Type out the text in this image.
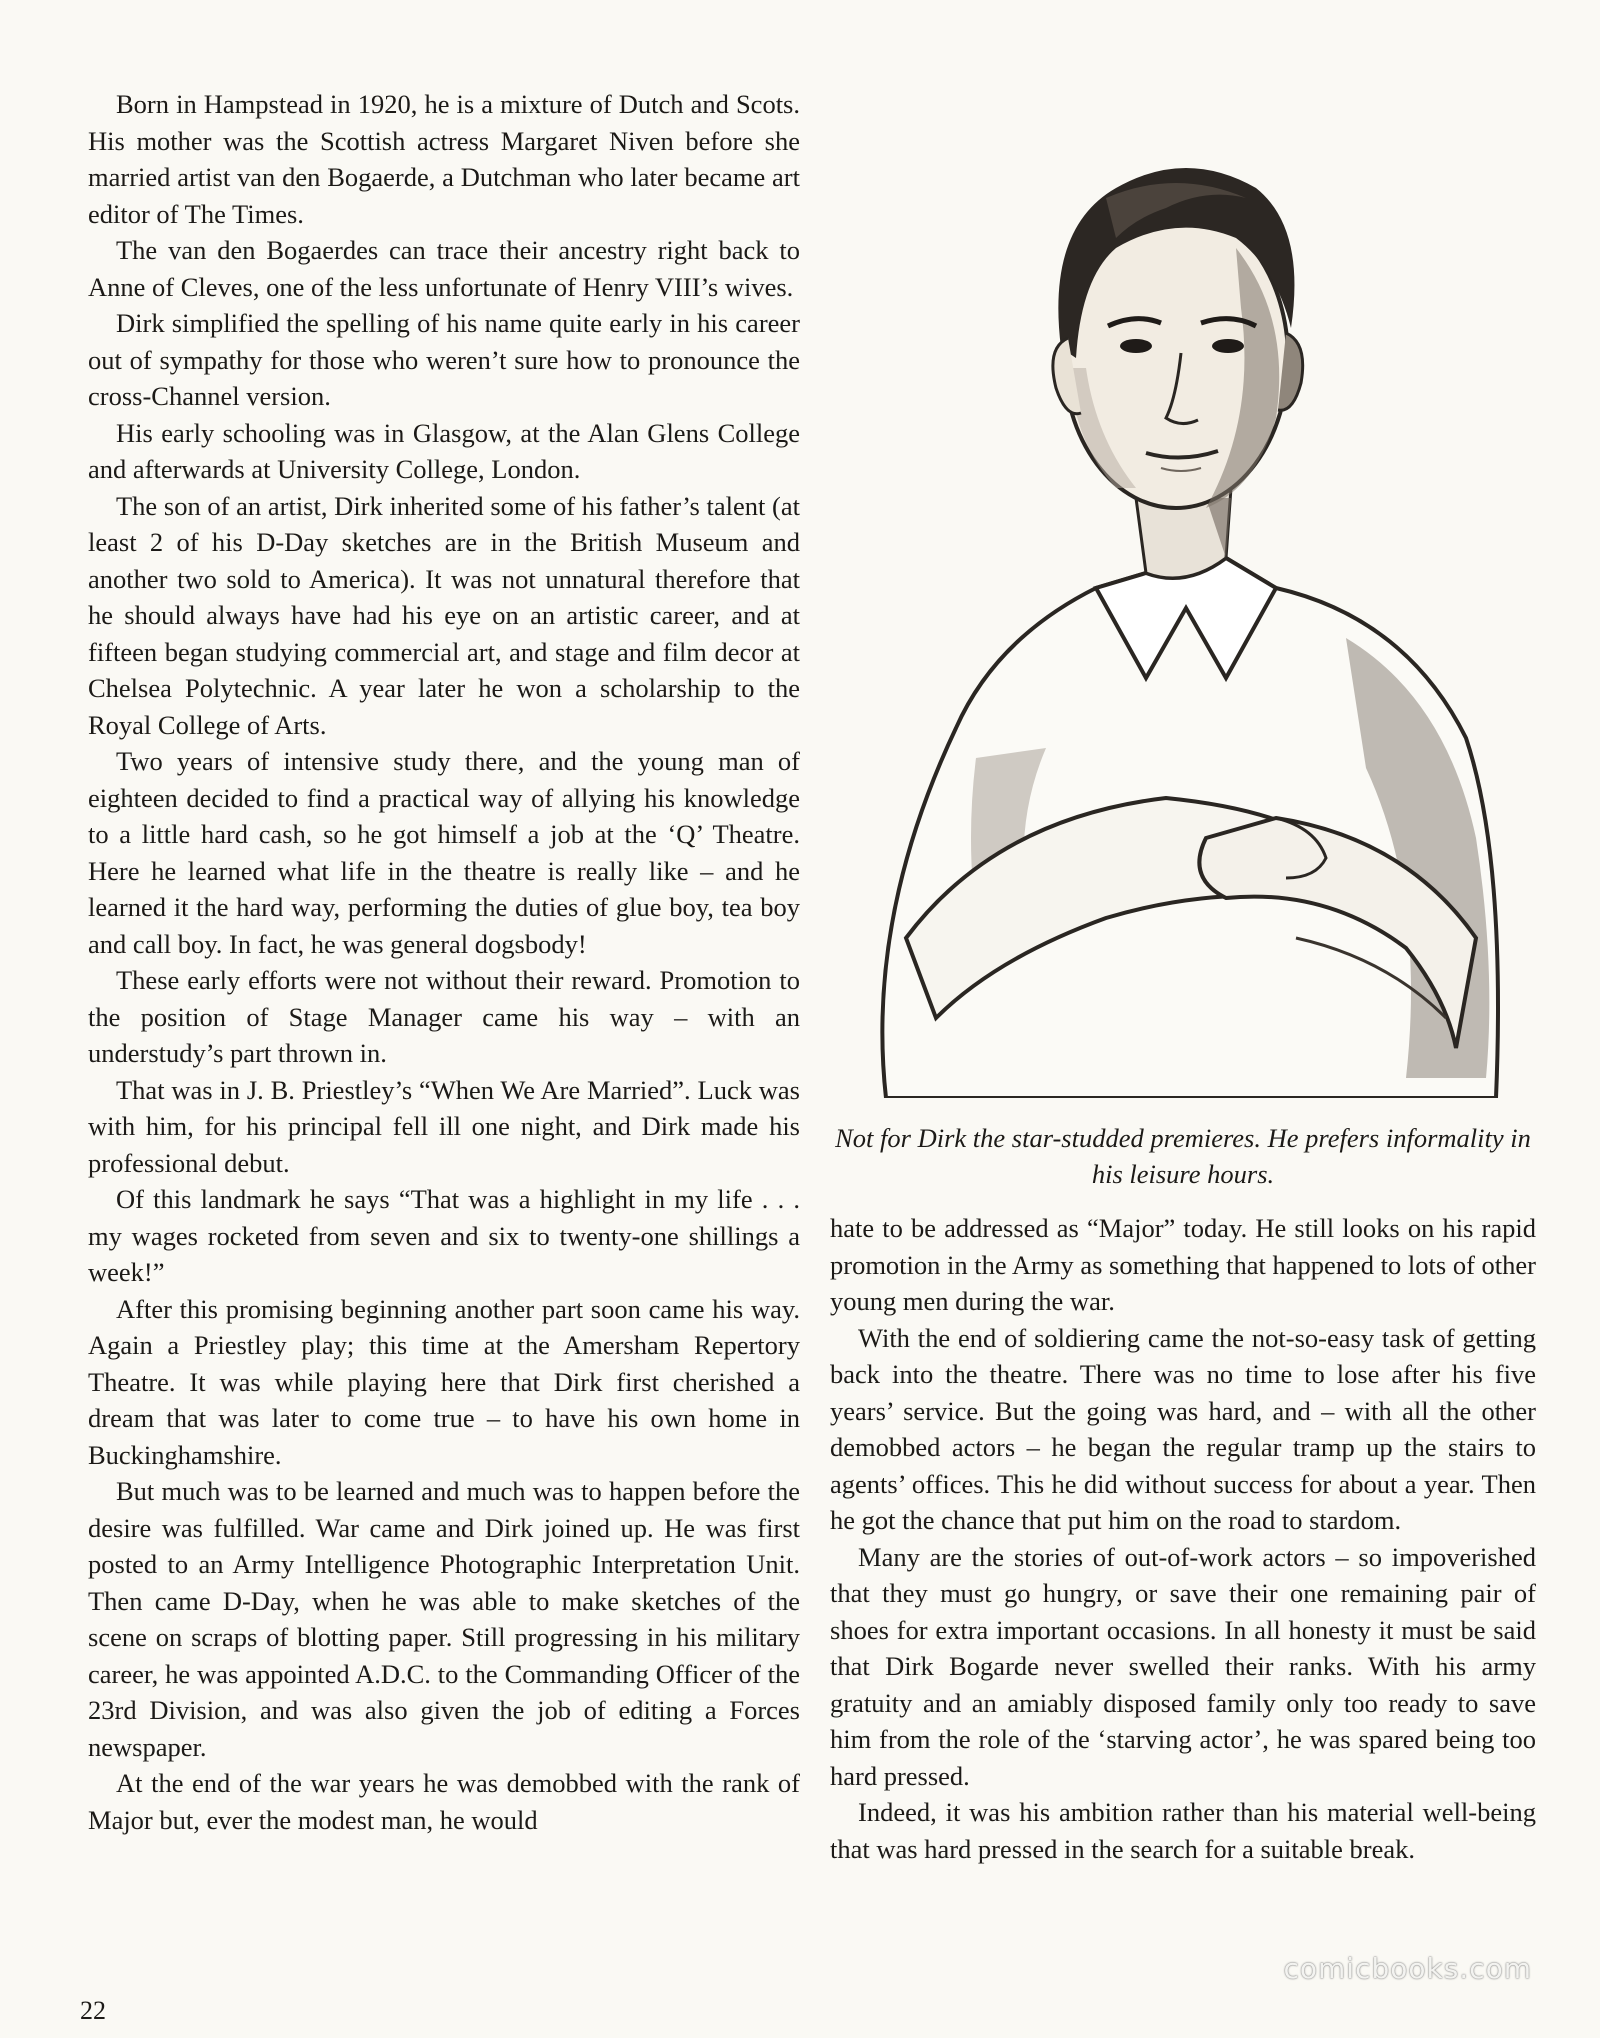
Born in Hampstead in 1920, he is a mixture of Dutch and Scots. His mother was the Scottish actress Margaret Niven before she married artist van den Bogaerde, a Dutchman who later became art editor of The Times.

The van den Bogaerdes can trace their ancestry right back to Anne of Cleves, one of the less unfortunate of Henry VIII’s wives.

Dirk simplified the spelling of his name quite early in his career out of sympathy for those who weren’t sure how to pronounce the cross-Channel version.

His early schooling was in Glasgow, at the Alan Glens College and afterwards at University College, London.

The son of an artist, Dirk inherited some of his father’s talent (at least 2 of his D-Day sketches are in the British Museum and another two sold to America). It was not unnatural therefore that he should always have had his eye on an artistic career, and at fifteen began studying commercial art, and stage and film decor at Chelsea Polytechnic. A year later he won a scholarship to the Royal College of Arts.

Two years of intensive study there, and the young man of eighteen decided to find a practical way of allying his knowledge to a little hard cash, so he got himself a job at the ‘Q’ Theatre. Here he learned what life in the theatre is really like – and he learned it the hard way, performing the duties of glue boy, tea boy and call boy. In fact, he was general dogsbody!

These early efforts were not without their reward. Promotion to the position of Stage Manager came his way – with an understudy’s part thrown in.

That was in J. B. Priestley’s “When We Are Married”. Luck was with him, for his principal fell ill one night, and Dirk made his professional debut.

Of this landmark he says “That was a highlight in my life . . . my wages rocketed from seven and six to twenty-one shillings a week!”

After this promising beginning another part soon came his way. Again a Priestley play; this time at the Amersham Repertory Theatre. It was while playing here that Dirk first cherished a dream that was later to come true – to have his own home in Buckinghamshire.

But much was to be learned and much was to happen before the desire was fulfilled. War came and Dirk joined up. He was first posted to an Army Intelligence Photographic Interpretation Unit. Then came D-Day, when he was able to make sketches of the scene on scraps of blotting paper. Still progressing in his military career, he was appointed A.D.C. to the Commanding Officer of the 23rd Division, and was also given the job of editing a Forces newspaper.

At the end of the war years he was demobbed with the rank of Major but, ever the modest man, he would

Not for Dirk the star-studded premieres. He prefers informality in his leisure hours.

hate to be addressed as “Major” today. He still looks on his rapid promotion in the Army as something that happened to lots of other young men during the war.

With the end of soldiering came the not-so-easy task of getting back into the theatre. There was no time to lose after his five years’ service. But the going was hard, and – with all the other demobbed actors – he began the regular tramp up the stairs to agents’ offices. This he did without success for about a year. Then he got the chance that put him on the road to stardom.

Many are the stories of out-of-work actors – so impoverished that they must go hungry, or save their one remaining pair of shoes for extra important occasions. In all honesty it must be said that Dirk Bogarde never swelled their ranks. With his army gratuity and an amiably disposed family only too ready to save him from the role of the ‘starving actor’, he was spared being too hard pressed.

Indeed, it was his ambition rather than his material well-being that was hard pressed in the search for a suitable break.

22
comicbooks.com
